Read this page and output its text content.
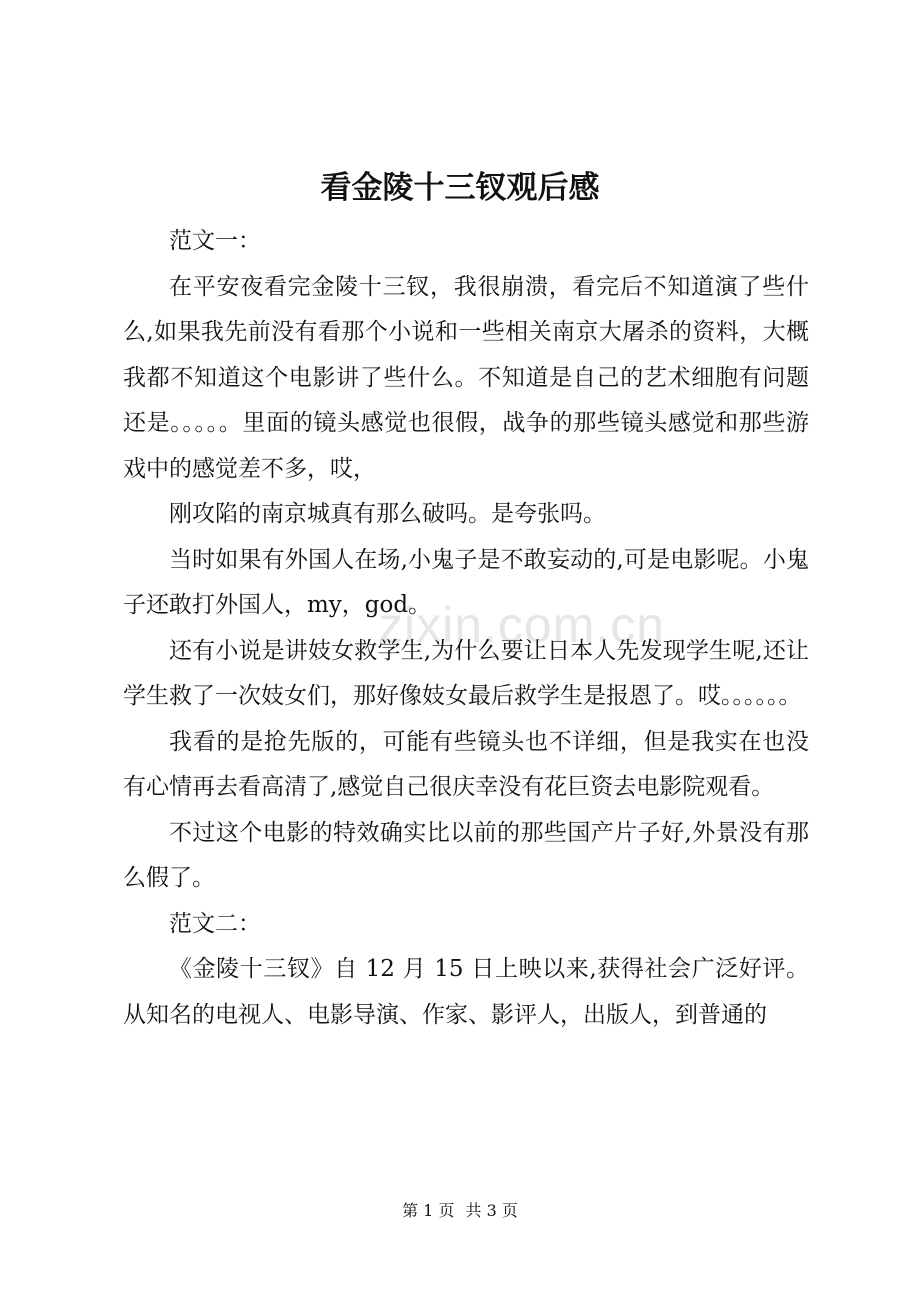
zixin.com.cn
看金陵十三钗观后感

范文一：

在平安夜看完金陵十三钗，我很崩溃，看完后不知道演了些什么,如果我先前没有看那个小说和一些相关南京大屠杀的资料，大概我都不知道这个电影讲了些什么。不知道是自己的艺术细胞有问题还是。。。。。里面的镜头感觉也很假，战争的那些镜头感觉和那些游戏中的感觉差不多，哎，

刚攻陷的南京城真有那么破吗。是夸张吗。

当时如果有外国人在场,小鬼子是不敢妄动的,可是电影呢。小鬼子还敢打外国人，my，god。

还有小说是讲妓女救学生,为什么要让日本人先发现学生呢,还让学生救了一次妓女们，那好像妓女最后救学生是报恩了。哎。。。。。。

我看的是抢先版的，可能有些镜头也不详细，但是我实在也没有心情再去看高清了,感觉自己很庆幸没有花巨资去电影院观看。

不过这个电影的特效确实比以前的那些国产片子好,外景没有那么假了。

范文二：

《金陵十三钗》自 12 月 15 日上映以来,获得社会广泛好评。从知名的电视人、电影导演、作家、影评人，出版人，到普通的

第 1 页 共 3 页
